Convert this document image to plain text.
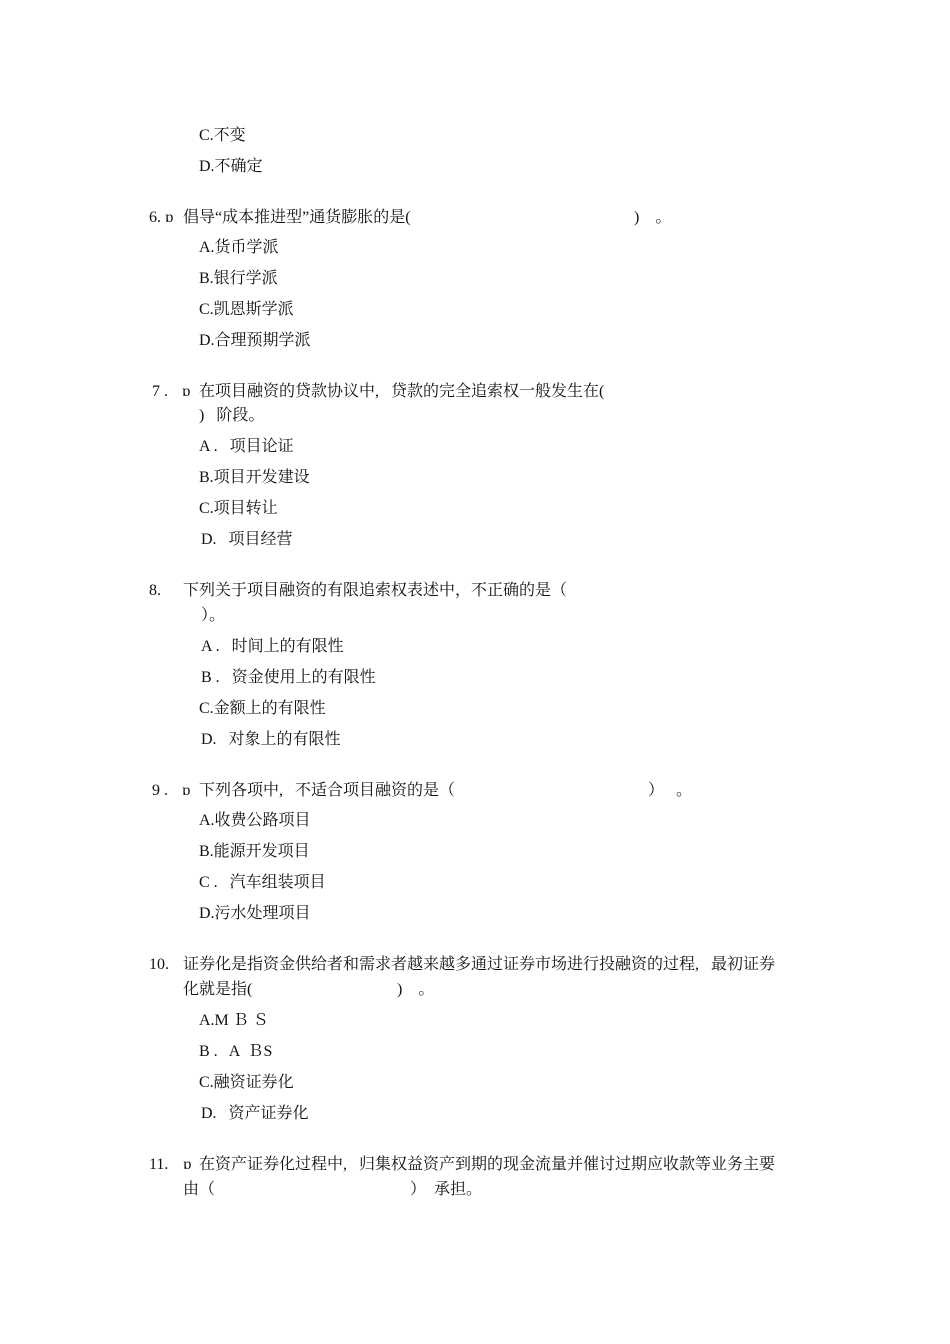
C.不变
D.不确定
6. ɒ 倡导“成本推进型”通货膨胀的是(	)　。
A.货币学派
B.银行学派
C.凯恩斯学派
D.合理预期学派
7 . ɒ 在项目融资的贷款协议中,   贷款的完全追索权一般发生在(
)   阶段。
A .   项目论证
B.项目开发建设
C.项目转让
D.   项目经营
8. 下列关于项目融资的有限追索权表述中，不正确的是（
）。
A .   时间上的有限性
B .   资金使用上的有限性
C.金额上的有限性
D.   对象上的有限性
9 . ɒ 下列各项中,   不适合项目融资的是（	）   。
A.收费公路项目
B.能源开发项目
C .   汽车组装项目
D.污水处理项目
10. 证券化是指资金供给者和需求者越来越多通过证券市场进行投融资的过程,   最初证券
化就是指(	)　。
A.M Ｂ Ｓ
B .   A  ＢS
C.融资证券化
D.   资产证券化
11. ɒ 在资产证券化过程中,   归集权益资产到期的现金流量并催讨过期应收款等业务主要
由（	）　承担。
